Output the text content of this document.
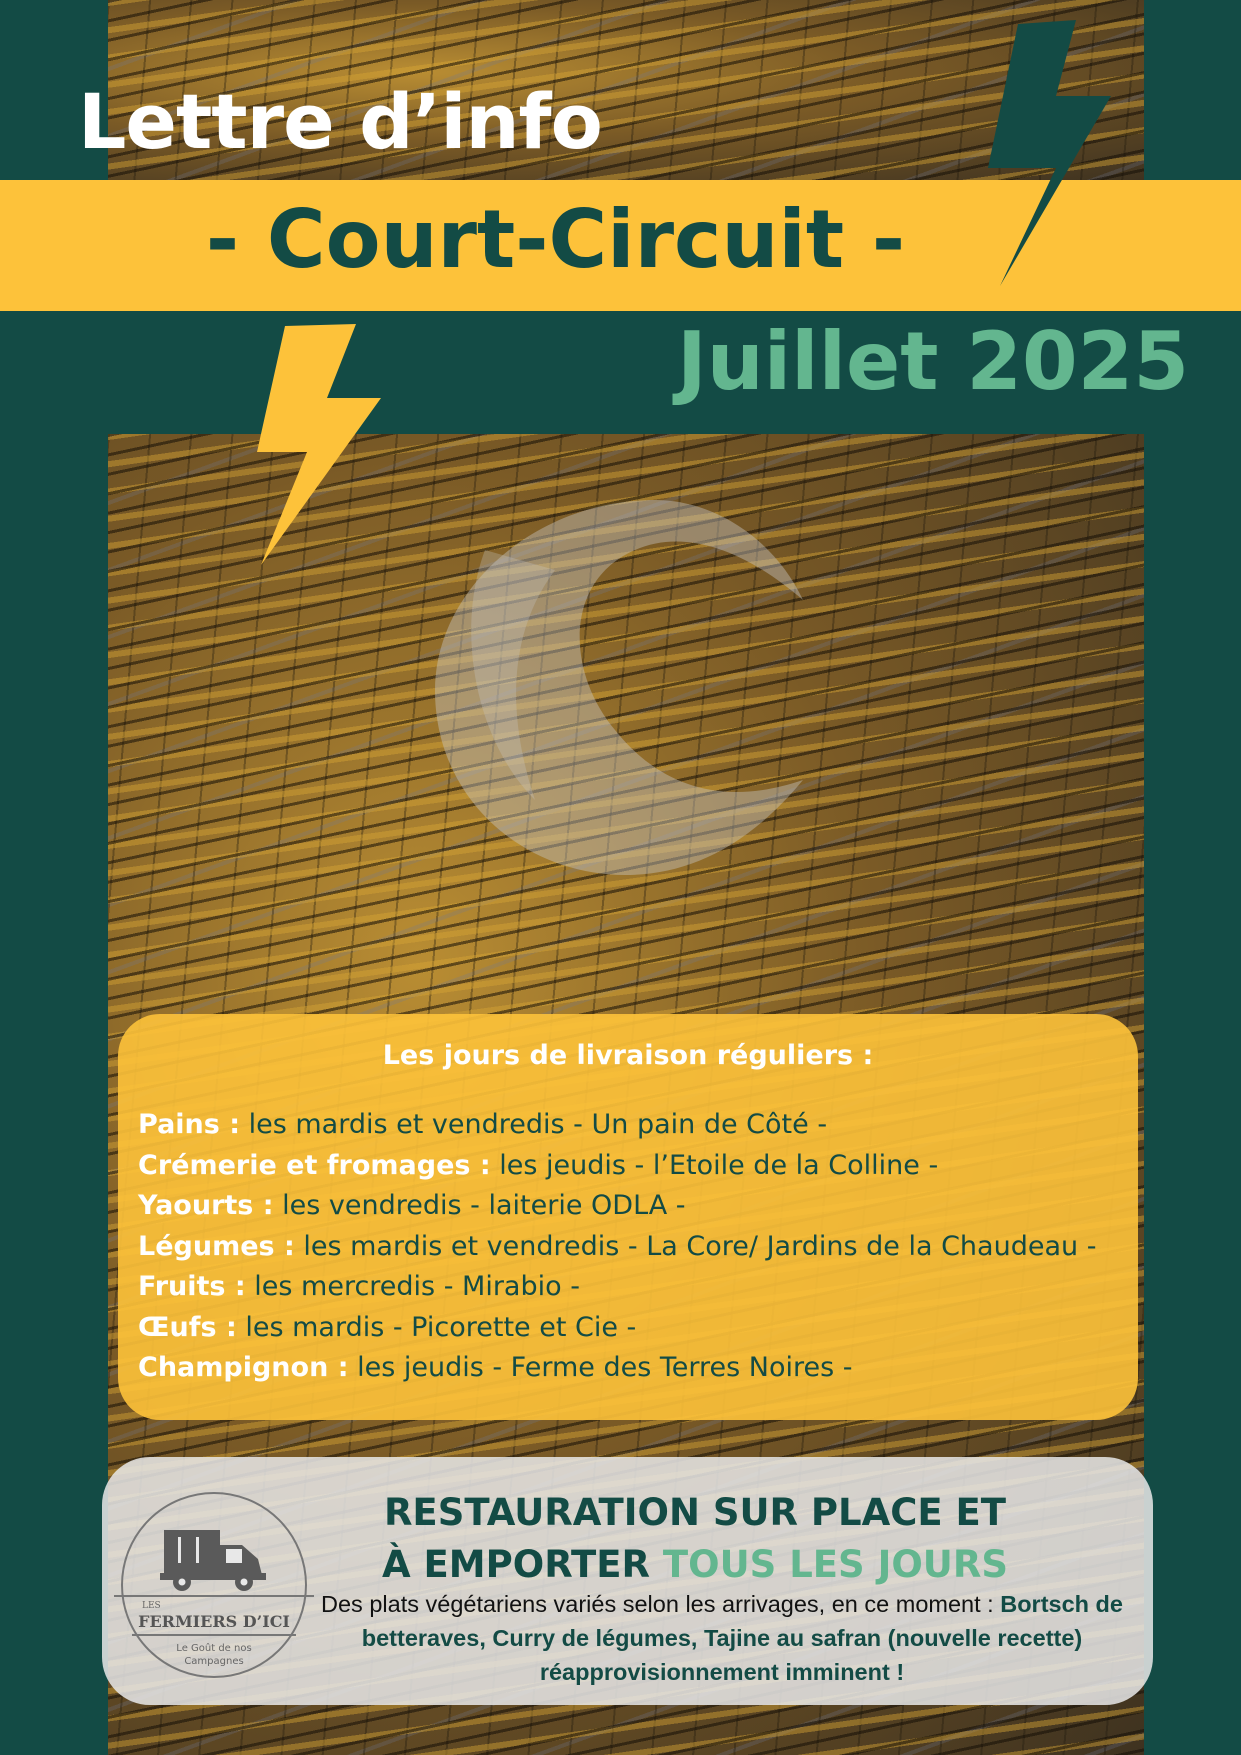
Lettre d’info
- Court-Circuit -
Juillet 2025
Les jours de livraison réguliers :
Pains : les mardis et vendredis - Un pain de Côté -
Crémerie et fromages : les jeudis - l’Etoile de la Colline -
Yaourts : les vendredis - laiterie ODLA -
Légumes : les mardis et vendredis - La Core/ Jardins de la Chaudeau -
Fruits : les mercredis - Mirabio -
Œufs : les mardis - Picorette et Cie -
Champignon : les jeudis - Ferme des Terres Noires -
LES
FERMIERS D’ICI
Le Goût de nos
Campagnes
RESTAURATION SUR PLACE ET
À EMPORTER TOUS LES JOURS

Des plats végétariens variés selon les arrivages, en ce moment : Bortsch de betteraves, Curry de légumes, Tajine au safran (nouvelle recette) réapprovisionnement imminent !
